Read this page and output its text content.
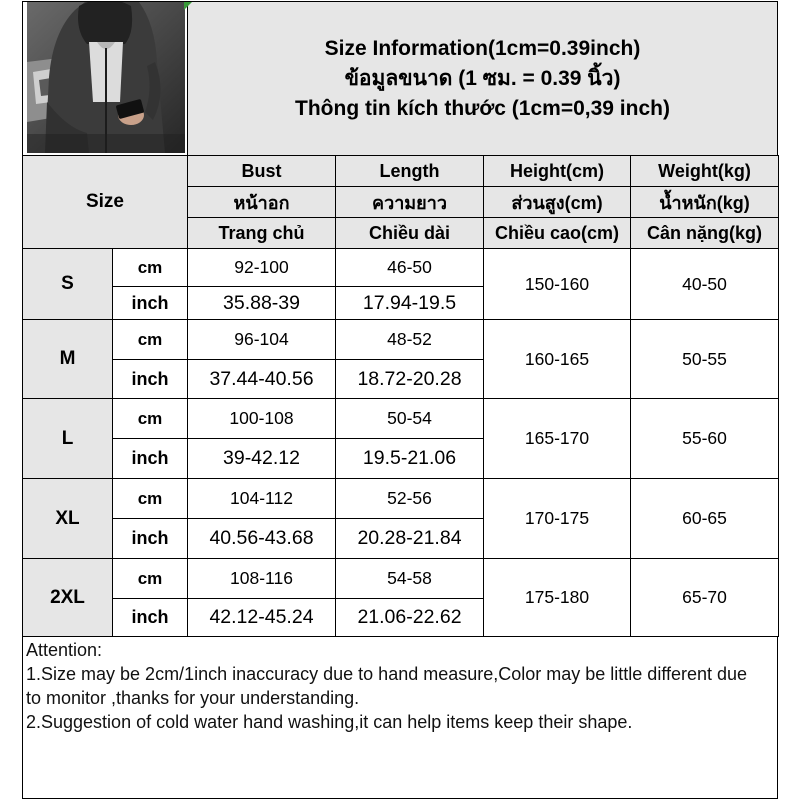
Size Information(1cm=0.39inch)
ข้อมูลขนาด (1 ซม. = 0.39 นิ้ว)
Thông tin kích thước (1cm=0,39 inch)
Size		Bust	Length	Height(cm)	Weight(kg)
		หน้าอก	ความยาว	ส่วนสูง(cm)	น้ำหนัก(kg)
		Trang chủ	Chiều dài	Chiều cao(cm)	Cân nặng(kg)
S	cm	92-100	46-50	150-160	40-50
	inch	35.88-39	17.94-19.5		
M	cm	96-104	48-52	160-165	50-55
	inch	37.44-40.56	18.72-20.28		
L	cm	100-108	50-54	165-170	55-60
	inch	39-42.12	19.5-21.06		
XL	cm	104-112	52-56	170-175	60-65
	inch	40.56-43.68	20.28-21.84		
2XL	cm	108-116	54-58	175-180	65-70
	inch	42.12-45.24	21.06-22.62		
Attention:
1.Size may be 2cm/1inch inaccuracy due to hand measure,Color may be little different due
to monitor ,thanks for your understanding.
2.Suggestion of cold water hand washing,it can help items keep their shape.
